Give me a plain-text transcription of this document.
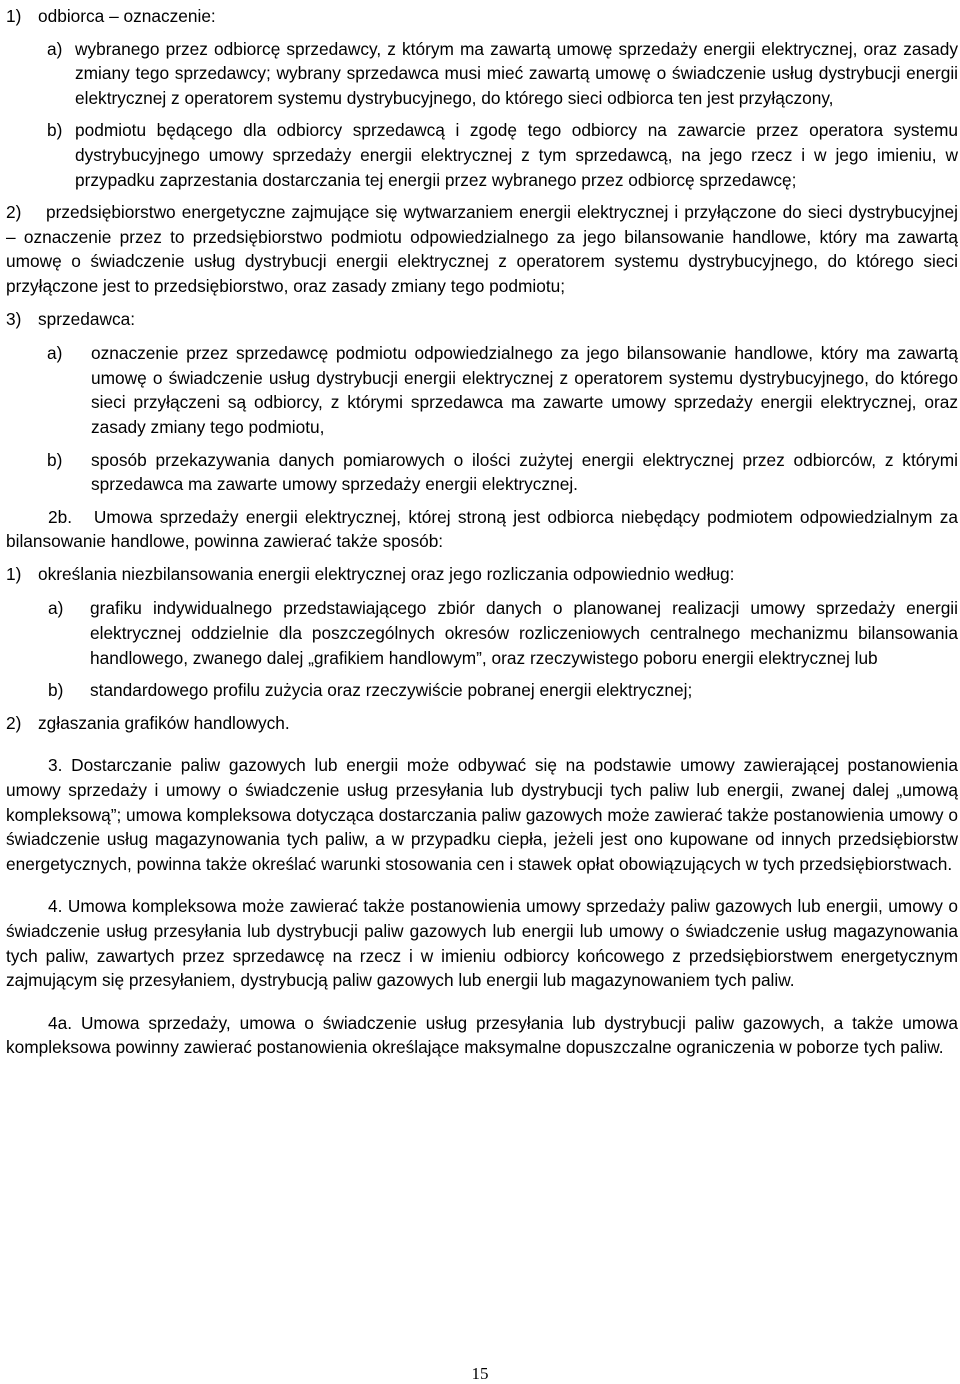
1) odbiorca – oznaczenie:
a) wybranego przez odbiorcę sprzedawcy, z którym ma zawartą umowę sprzedaży energii elektrycznej, oraz zasady zmiany tego sprzedawcy; wybrany sprzedawca musi mieć zawartą umowę o świadczenie usług dystrybucji energii elektrycznej z operatorem systemu dystrybucyjnego, do którego sieci odbiorca ten jest przyłączony,
b) podmiotu będącego dla odbiorcy sprzedawcą i zgodę tego odbiorcy na zawarcie przez operatora systemu dystrybucyjnego umowy sprzedaży energii elektrycznej z tym sprzedawcą, na jego rzecz i w jego imieniu, w przypadku zaprzestania dostarczania tej energii przez wybranego przez odbiorcę sprzedawcę;
2) przedsiębiorstwo energetyczne zajmujące się wytwarzaniem energii elektrycznej i przyłączone do sieci dystrybucyjnej – oznaczenie przez to przedsiębiorstwo podmiotu odpowiedzialnego za jego bilansowanie handlowe, który ma zawartą umowę o świadczenie usług dystrybucji energii elektrycznej z operatorem systemu dystrybucyjnego, do którego sieci przyłączone jest to przedsiębiorstwo, oraz zasady zmiany tego podmiotu;
3) sprzedawca:
a) oznaczenie przez sprzedawcę podmiotu odpowiedzialnego za jego bilansowanie handlowe, który ma zawartą umowę o świadczenie usług dystrybucji energii elektrycznej z operatorem systemu dystrybucyjnego, do którego sieci przyłączeni są odbiorcy, z którymi sprzedawca ma zawarte umowy sprzedaży energii elektrycznej, oraz zasady zmiany tego podmiotu,
b) sposób przekazywania danych pomiarowych o ilości zużytej energii elektrycznej przez odbiorców, z którymi sprzedawca ma zawarte umowy sprzedaży energii elektrycznej.
2b. Umowa sprzedaży energii elektrycznej, której stroną jest odbiorca niebędący podmiotem odpowiedzialnym za bilansowanie handlowe, powinna zawierać także sposób:
1) określania niezbilansowania energii elektrycznej oraz jego rozliczania odpowiednio według:
a) grafiku indywidualnego przedstawiającego zbiór danych o planowanej realizacji umowy sprzedaży energii elektrycznej oddzielnie dla poszczególnych okresów rozliczeniowych centralnego mechanizmu bilansowania handlowego, zwanego dalej „grafikiem handlowym”, oraz rzeczywistego poboru energii elektrycznej lub
b) standardowego profilu zużycia oraz rzeczywiście pobranej energii elektrycznej;
2) zgłaszania grafików handlowych.
3. Dostarczanie paliw gazowych lub energii może odbywać się na podstawie umowy zawierającej postanowienia umowy sprzedaży i umowy o świadczenie usług przesyłania lub dystrybucji tych paliw lub energii, zwanej dalej „umową kompleksową”; umowa kompleksowa dotycząca dostarczania paliw gazowych może zawierać także postanowienia umowy o świadczenie usług magazynowania tych paliw, a w przypadku ciepła, jeżeli jest ono kupowane od innych przedsiębiorstw energetycznych, powinna także określać warunki stosowania cen i stawek opłat obowiązujących w tych przedsiębiorstwach.
4. Umowa kompleksowa może zawierać także postanowienia umowy sprzedaży paliw gazowych lub energii, umowy o świadczenie usług przesyłania lub dystrybucji paliw gazowych lub energii lub umowy o świadczenie usług magazynowania tych paliw, zawartych przez sprzedawcę na rzecz i w imieniu odbiorcy końcowego z przedsiębiorstwem energetycznym zajmującym się przesyłaniem, dystrybucją paliw gazowych lub energii lub magazynowaniem tych paliw.
4a. Umowa sprzedaży, umowa o świadczenie usług przesyłania lub dystrybucji paliw gazowych, a także umowa kompleksowa powinny zawierać postanowienia określające maksymalne dopuszczalne ograniczenia w poborze tych paliw.
15
